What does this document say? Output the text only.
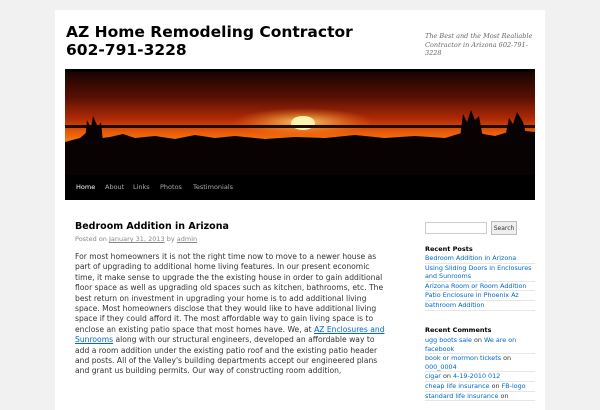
AZ Home Remodeling Contractor 602-791-3228
The Best and the Most Realiable Contractor in Arizona 602-791-3228
Home About Links Photos Testimonials
Bedroom Addition in Arizona
Posted on January 31, 2013 by admin

For most homeowners it is not the right time now to move to a newer house as part of upgrading to additional home living features. In our present economic time, it make sense to upgrade the the existing house in order to gain additional floor space as well as upgrading old spaces such as kitchen, bathrooms, etc. The best return on investment in upgrading your home is to add additional living space. Most homeowners disclose that they would like to have additional living space if they could afford it. The most affordable way to gain living space is to enclose an existing patio space that most homes have. We, at AZ Enclosures and Sunrooms along with our structural engineers, developed an affordable way to add a room addition under the existing patio roof and the existing patio header and posts. All of the Valley's building departments accept our engineered plans and grant us building permits. Our way of constructing room addition,

Search
Recent Posts
Bedroom Addition in Arizona
Using Sliding Doors in Enclosures and Sunrooms
Arizona Room or Room Addition
Patio Enclosure in Phoenix Az
bathroom Addition
Recent Comments
ugg boots sale on We are on facebook
book or mormon tickets on 000_0004
cigar on 4-19-2010 012
cheap life insurance on FB-logo
standard life insurance on
